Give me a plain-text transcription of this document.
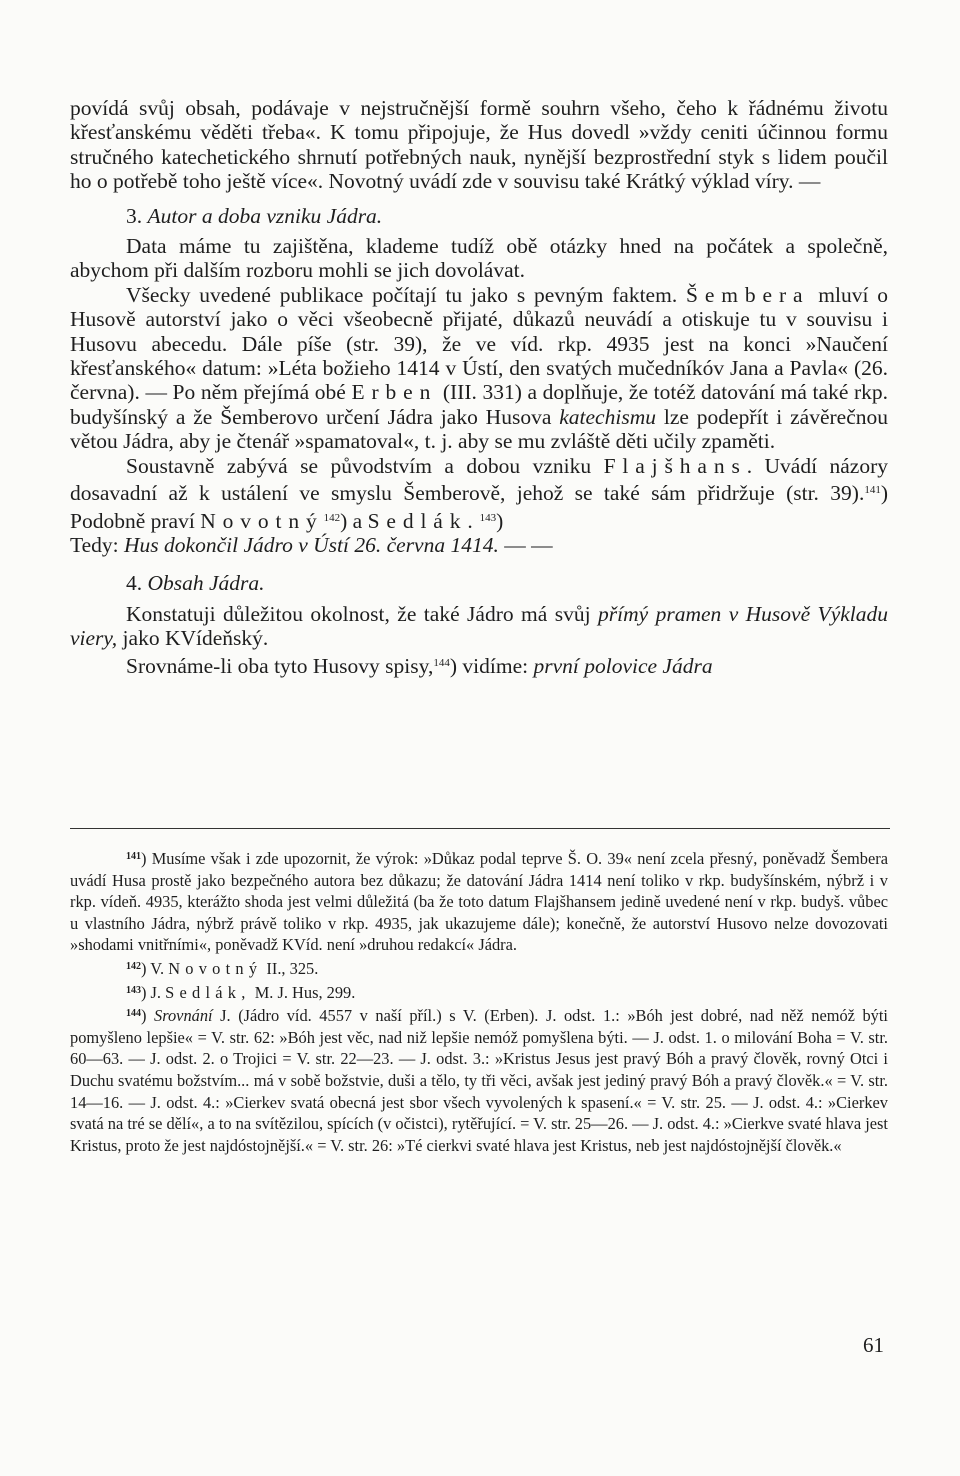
povídá svůj obsah, podávaje v nejstručnější formě souhrn všeho, čeho k řádnému životu křesťanskému věděti třeba«. K tomu připojuje, že Hus dovedl »vždy ceniti účinnou formu stručného katechetického shrnutí potřebných nauk, nynější bezprostřední styk s lidem poučil ho o potřebě toho ještě více«. Novotný uvádí zde v souvisu také Krátký výklad víry. —

3. Autor a doba vzniku Jádra.

Data máme tu zajištěna, klademe tudíž obě otázky hned na počátek a společně, abychom při dalším rozboru mohli se jich dovolávat.

Všecky uvedené publikace počítají tu jako s pevným faktem. Šembera mluví o Husově autorství jako o věci všeobecně přijaté, důkazů neuvádí a otiskuje tu v souvisu i Husovu abecedu. Dále píše (str. 39), že ve víd. rkp. 4935 jest na konci »Naučení křesťanského« datum: »Léta božieho 1414 v Ústí, den svatých mučedníkóv Jana a Pavla« (26. června). — Po něm přejímá obé Erben (III. 331) a doplňuje, že totéž datování má také rkp. budyšínský a že Šemberovo určení Jádra jako Husova katechismu lze podepřít i závěrečnou větou Jádra, aby je čtenář »spamatoval«, t. j. aby se mu zvláště děti učily zpaměti.

Soustavně zabývá se původstvím a dobou vzniku Flajšhans. Uvádí názory dosavadní až k ustálení ve smyslu Šemberově, jehož se také sám přidržuje (str. 39).$^{141}$) Podobně praví Novotný$^{142}$) a Sedlák.$^{143}$)

Tedy: Hus dokončil Jádro v Ústí 26. června 1414. — —

4. Obsah Jádra.

Konstatuji důležitou okolnost, že také Jádro má svůj přímý pramen v Husově Výkladu viery, jako KVídeňský.

Srovnáme-li oba tyto Husovy spisy,$^{144}$) vidíme: první polovice Jádra

$^{141}$) Musíme však i zde upozornit, že výrok: »Důkaz podal teprve Š. O. 39« není zcela přesný, poněvadž Šembera uvádí Husa prostě jako bezpečného autora bez důkazu; že datování Jádra 1414 není toliko v rkp. budyšínském, nýbrž i v rkp. vídeň. 4935, kterážto shoda jest velmi důležitá (ba že toto datum Flajšhansem jedině uvedené není v rkp. budyš. vůbec u vlastního Jádra, nýbrž právě toliko v rkp. 4935, jak ukazujeme dále); konečně, že autorství Husovo nelze dovozovati »shodami vnitřními«, poněvadž KVíd. není »druhou redakcí« Jádra.

$^{142}$) V. Novotný II., 325.

$^{143}$) J. Sedlák, M. J. Hus, 299.

$^{144}$) Srovnání J. (Jádro víd. 4557 v naší příl.) s V. (Erben). J. odst. 1.: »Bóh jest dobré, nad něž nemóž býti pomyšleno lepšie« = V. str. 62: »Bóh jest věc, nad niž lepšie nemóž pomyšlena býti. — J. odst. 1. o milování Boha = V. str. 60—63. — J. odst. 2. o Trojici = V. str. 22—23. — J. odst. 3.: »Kristus Jesus jest pravý Bóh a pravý člověk, rovný Otci i Duchu svatému božstvím... má v sobě božstvie, duši a tělo, ty tři věci, avšak jest jediný pravý Bóh a pravý člověk.« = V. str. 14—16. — J. odst. 4.: »Cierkev svatá obecná jest sbor všech vyvolených k spasení.« = V. str. 25. — J. odst. 4.: »Cierkev svatá na tré se dělí«, a to na svítězilou, spících (v očistci), rytěřující. = V. str. 25—26. — J. odst. 4.: »Cierkve svaté hlava jest Kristus, proto že jest najdóstojnější.« = V. str. 26: »Té cierkvi svaté hlava jest Kristus, neb jest najdóstojnější člověk.«

61
